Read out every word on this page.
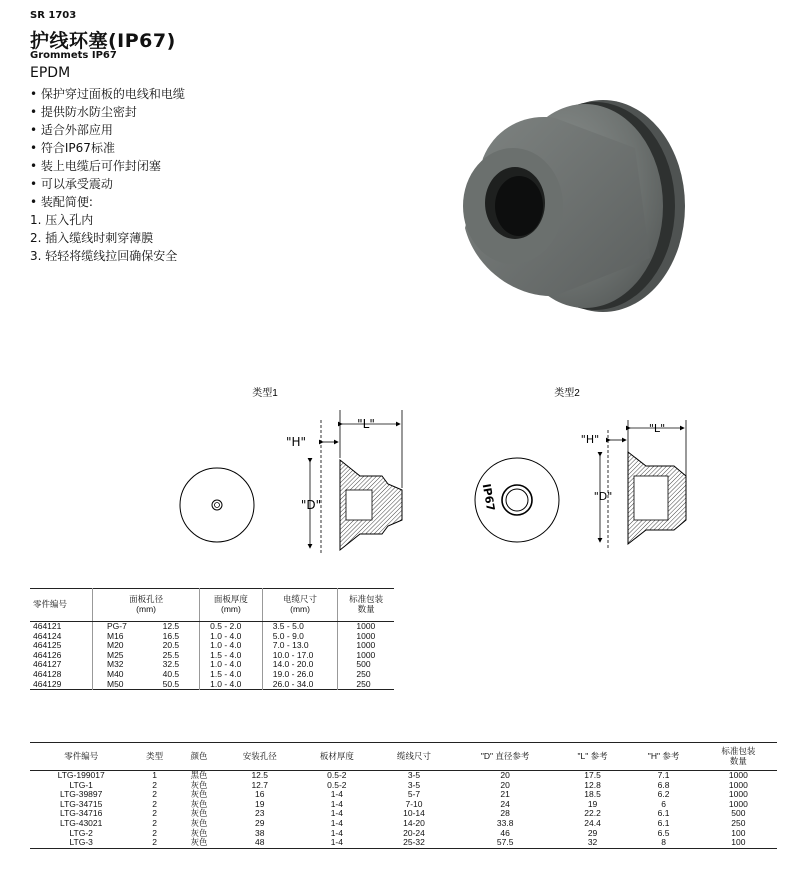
SR 1703
护线环塞(IP67)
Grommets IP67
EPDM
• 保护穿过面板的电线和电缆
• 提供防水防尘密封
• 适合外部应用
• 符合IP67标准
• 装上电缆后可作封闭塞
• 可以承受震动
• 装配简便:
1. 压入孔内
2. 插入缆线时刺穿薄膜
3. 轻轻将缆线拉回确保安全
类型1
"L"
"H"
"D"
类型2
IP67
"L"
"H"
"D"
零件编号	面板孔径
(mm)		面板厚度
(mm)	电缆尺寸
(mm)	标准包装
数量
464121	PG-7	12.5	0.5 - 2.0	3.5 - 5.0	1000
464124	M16	16.5	1.0 - 4.0	5.0 - 9.0	1000
464125	M20	20.5	1.0 - 4.0	7.0 - 13.0	1000
464126	M25	25.5	1.5 - 4.0	10.0 - 17.0	1000
464127	M32	32.5	1.0 - 4.0	14.0 - 20.0	500
464128	M40	40.5	1.5 - 4.0	19.0 - 26.0	250
464129	M50	50.5	1.0 - 4.0	26.0 - 34.0	250
零件编号	类型	颜色	安装孔径	板材厚度	缆线尺寸	"D" 直径参考	"L" 参考	"H" 参考	标准包装
数量
LTG-199017	1	黑色	12.5	0.5-2	3-5	20	17.5	7.1	1000
LTG-1	2	灰色	12.7	0.5-2	3-5	20	12.8	6.8	1000
LTG-39897	2	灰色	16	1-4	5-7	21	18.5	6.2	1000
LTG-34715	2	灰色	19	1-4	7-10	24	19	6	1000
LTG-34716	2	灰色	23	1-4	10-14	28	22.2	6.1	500
LTG-43021	2	灰色	29	1-4	14-20	33.8	24.4	6.1	250
LTG-2	2	灰色	38	1-4	20-24	46	29	6.5	100
LTG-3	2	灰色	48	1-4	25-32	57.5	32	8	100
